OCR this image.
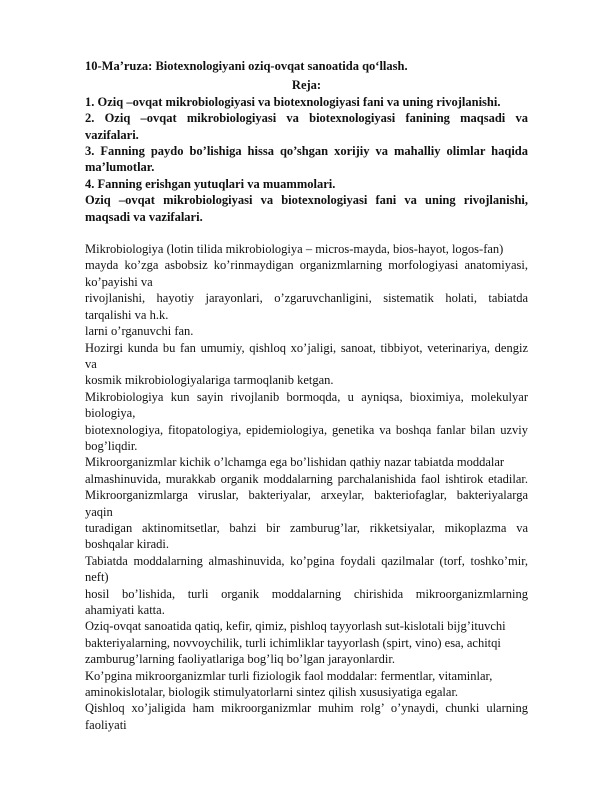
10-Ma’ruza: Biotexnologiyani oziq-ovqat sanoatida qo‘llash.

Reja:

1. Oziq –ovqat mikrobiologiyasi va biotexnologiyasi fani va uning rivojlanishi.
2. Oziq –ovqat mikrobiologiyasi va biotexnologiyasi fanining maqsadi va vazifalari.
3. Fanning paydo bo’lishiga hissa qo’shgan xorijiy va mahalliy olimlar haqida ma’lumotlar.
4. Fanning erishgan yutuqlari va muammolari.

Oziq –ovqat mikrobiologiyasi va biotexnologiyasi fani va uning rivojlanishi, maqsadi va vazifalari.

Mikrobiologiya (lotin tilida mikrobiologiya – micros-mayda, bios-hayot, logos-fan)

mayda ko’zga asbobsiz ko’rinmaydigan organizmlarning morfologiyasi anatomiyasi,

ko’payishi va

rivojlanishi, hayotiy jarayonlari, o’zgaruvchanligini, sistematik holati, tabiatda

tarqalishi va h.k.

larni o’rganuvchi fan.

Hozirgi kunda bu fan umumiy, qishloq xo’jaligi, sanoat, tibbiyot, veterinariya, dengiz

va

kosmik mikrobiologiyalariga tarmoqlanib ketgan.

Mikrobiologiya kun sayin rivojlanib bormoqda, u ayniqsa, bioximiya, molekulyar

biologiya,

biotexnologiya, fitopatologiya, epidemiologiya, genetika va boshqa fanlar bilan uzviy

bog’liqdir.

Mikroorganizmlar kichik o’lchamga ega bo’lishidan qathiy nazar tabiatda moddalar

almashinuvida, murakkab organik moddalarning parchalanishida faol ishtirok etadilar.

Mikroorganizmlarga viruslar, bakteriyalar, arxeylar, bakteriofaglar, bakteriyalarga

yaqin

turadigan aktinomitsetlar, bahzi bir zamburug’lar, rikketsiyalar, mikoplazma va

boshqalar kiradi.

Tabiatda moddalarning almashinuvida, ko’pgina foydali qazilmalar (torf, toshko’mir,

neft)

hosil bo’lishida, turli organik moddalarning chirishida mikroorganizmlarning

ahamiyati katta.

Oziq-ovqat sanoatida qatiq, kefir, qimiz, pishloq tayyorlash sut-kislotali bijg’ituvchi

bakteriyalarning, novvoychilik, turli ichimliklar tayyorlash (spirt, vino) esa, achitqi

zamburug’larning faoliyatlariga bog’liq bo’lgan jarayonlardir.

Ko’pgina mikroorganizmlar turli fiziologik faol moddalar: fermentlar, vitaminlar,

aminokislotalar, biologik stimulyatorlarni sintez qilish xususiyatiga egalar.

Qishloq xo’jaligida ham mikroorganizmlar muhim rolg’ o’ynaydi, chunki ularning

faoliyati
